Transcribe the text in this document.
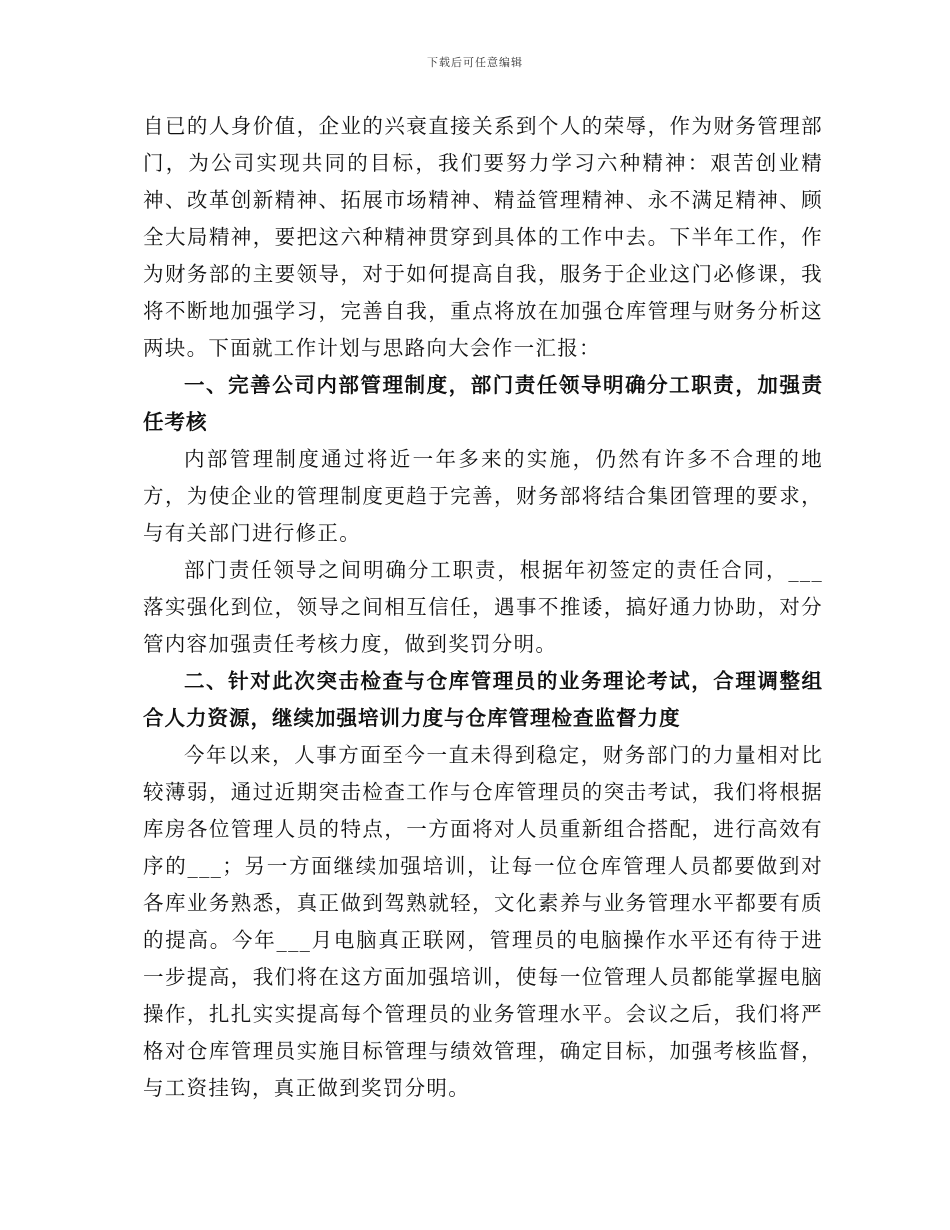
下载后可任意编辑

自已的人身价值，企业的兴衰直接关系到个人的荣辱，作为财务管理部门，为公司实现共同的目标，我们要努力学习六种精神：艰苦创业精神、改革创新精神、拓展市场精神、精益管理精神、永不满足精神、顾全大局精神，要把这六种精神贯穿到具体的工作中去。下半年工作，作为财务部的主要领导，对于如何提高自我，服务于企业这门必修课，我将不断地加强学习，完善自我，重点将放在加强仓库管理与财务分析这两块。下面就工作计划与思路向大会作一汇报：

一、完善公司内部管理制度，部门责任领导明确分工职责，加强责任考核

内部管理制度通过将近一年多来的实施，仍然有许多不合理的地方，为使企业的管理制度更趋于完善，财务部将结合集团管理的要求，与有关部门进行修正。

部门责任领导之间明确分工职责，根据年初签定的责任合同，___落实强化到位，领导之间相互信任，遇事不推诿，搞好通力协助，对分管内容加强责任考核力度，做到奖罚分明。

二、针对此次突击检查与仓库管理员的业务理论考试，合理调整组合人力资源，继续加强培训力度与仓库管理检查监督力度

今年以来，人事方面至今一直未得到稳定，财务部门的力量相对比较薄弱，通过近期突击检查工作与仓库管理员的突击考试，我们将根据库房各位管理人员的特点，一方面将对人员重新组合搭配，进行高效有序的___；另一方面继续加强培训，让每一位仓库管理人员都要做到对各库业务熟悉，真正做到驾熟就轻，文化素养与业务管理水平都要有质的提高。今年___月电脑真正联网，管理员的电脑操作水平还有待于进一步提高，我们将在这方面加强培训，使每一位管理人员都能掌握电脑操作，扎扎实实提高每个管理员的业务管理水平。会议之后，我们将严格对仓库管理员实施目标管理与绩效管理，确定目标，加强考核监督，与工资挂钩，真正做到奖罚分明。
